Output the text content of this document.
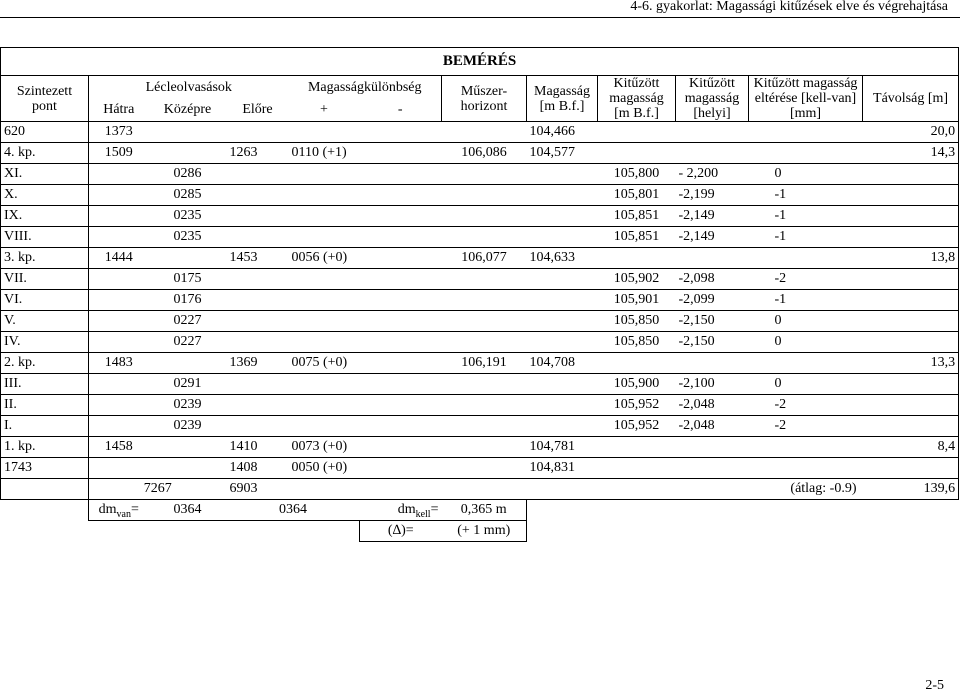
4-6. gyakorlat: Magassági kitűzések elve és végrehajtása
BEMÉRÉS											
Szintezett pont	Lécleolvasások			Magasságkülönbség		Műszer-horizont	Magasság [m B.f.]	Kitűzött magasság [m B.f.]	Kitűzött magasság [helyi]	Kitűzött magasság eltérése [kell-van] [mm]	Távolság [m]
	Hátra	Középre	Előre	+	-						
620	1373						104,466				20,0
4. kp.	1509		1263	0110 (+1)		106,086	104,577				14,3
XI.		0286						105,800	- 2,200	0	
X.		0285						105,801	-2,199	-1	
IX.		0235						105,851	-2,149	-1	
VIII.		0235						105,851	-2,149	-1	
3. kp.	1444		1453	0056 (+0)		106,077	104,633				13,8
VII.		0175						105,902	-2,098	-2	
VI.		0176						105,901	-2,099	-1	
V.		0227						105,850	-2,150	0	
IV.		0227						105,850	-2,150	0	
2. kp.	1483		1369	0075 (+0)		106,191	104,708				13,3
III.		0291						105,900	-2,100	0	
II.		0239						105,952	-2,048	-2	
I.		0239						105,952	-2,048	-2	
1. kp.	1458		1410	0073 (+0)			104,781				8,4
1743			1408	0050 (+0)			104,831				
	7267		6903	(átlag: -0.9)							139,6
	$dm_{van}=$	0364	0364		$dm_{kell}=$	0,365 m					
					(∆)=	(+ 1 mm)					
2-5
